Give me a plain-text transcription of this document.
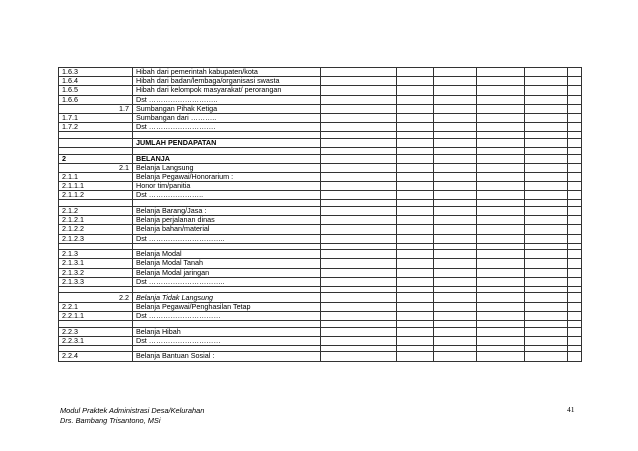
1.6.3	Hibah dari pemerintah kabupaten/kota						
1.6.4	Hibah dari badan/lembaga/organisasi swasta						
1.6.5	Hibah dari kelompok masyarakat/ perorangan						
1.6.6	Dst ………………………..						
1.7	Sumbangan Pihak Ketiga						
1.7.1	Sumbangan dari ………..						
1.7.2	Dst ……………………….						

	JUMLAH PENDAPATAN						

2	BELANJA						
2.1	Belanja Langsung						
2.1.1	Belanja Pegawai/Honorarium :						
2.1.1.1	Honor tim/panitia						
2.1.1.2	Dst …………………..						

2.1.2	Belanja Barang/Jasa :						
2.1.2.1	Belanja perjalanan dinas						
2.1.2.2	Belanja bahan/material						
2.1.2.3	Dst …………………………..						

2.1.3	Belanja Modal						
2.1.3.1	Belanja Modal Tanah						
2.1.3.2	Belanja Modal jaringan						
2.1.3.3	Dst …………………………..						

2.2	Belanja Tidak Langsung						
2.2.1	Belanja Pegawai/Penghasilan Tetap						
2.2.1.1	Dst …………………………						

2.2.3	Belanja Hibah						
2.2.3.1	Dst …………………………						

2.2.4	Belanja Bantuan Sosial :						
Modul Praktek Administrasi Desa/Kelurahan
Drs. Bambang Trisantono, MSi
41
